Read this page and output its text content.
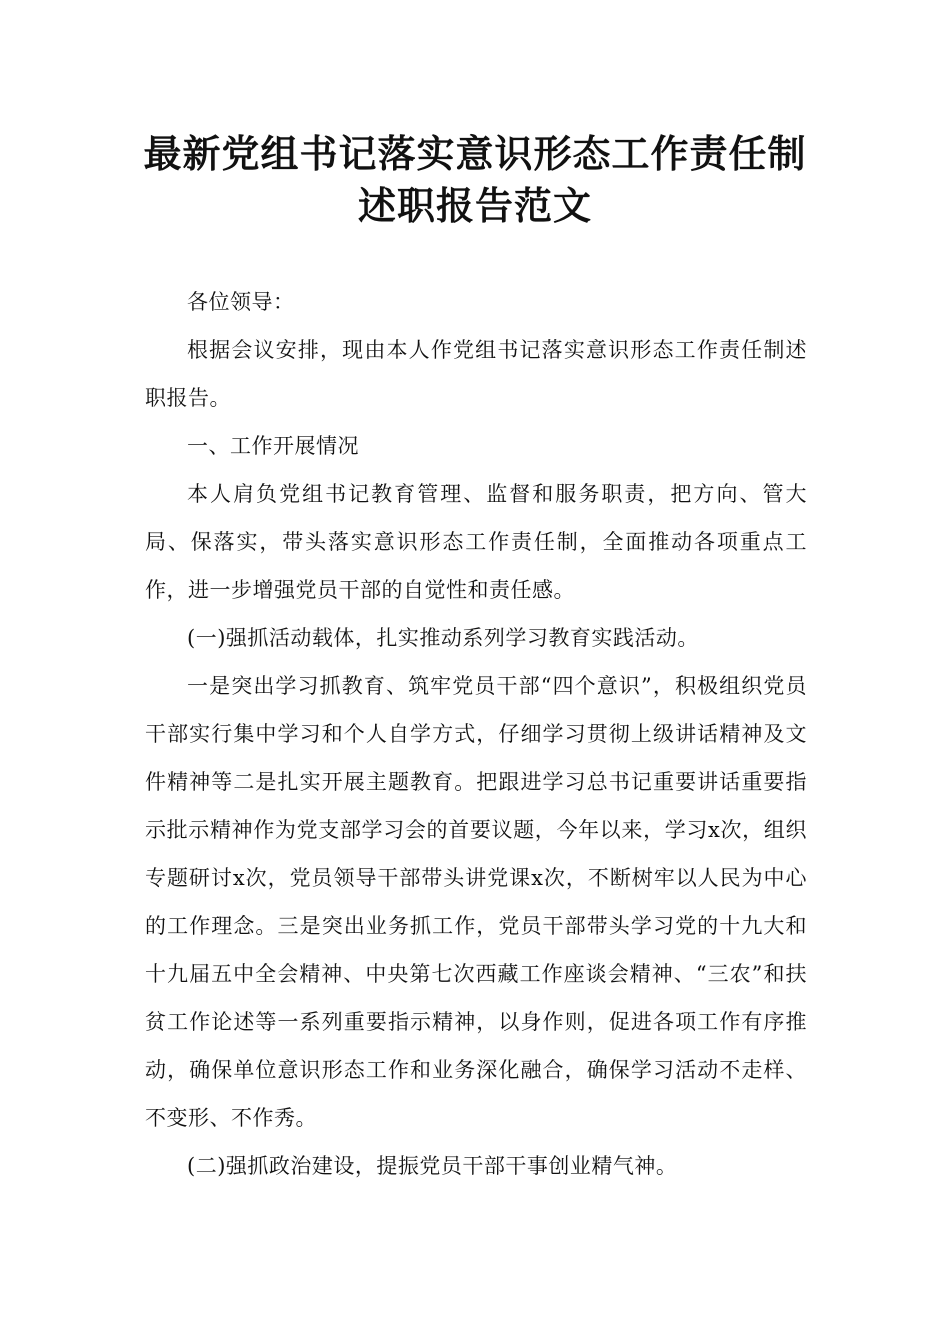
最新党组书记落实意识形态工作责任制
述职报告范文

各位领导：

根据会议安排，现由本人作党组书记落实意识形态工作责任制述职报告。

一、工作开展情况

本人肩负党组书记教育管理、监督和服务职责，把方向、管大局、保落实，带头落实意识形态工作责任制，全面推动各项重点工作，进一步增强党员干部的自觉性和责任感。

(一)强抓活动载体，扎实推动系列学习教育实践活动。

一是突出学习抓教育、筑牢党员干部“四个意识”，积极组织党员干部实行集中学习和个人自学方式，仔细学习贯彻上级讲话精神及文件精神等二是扎实开展主题教育。把跟进学习总书记重要讲话重要指示批示精神作为党支部学习会的首要议题，今年以来，学习x次，组织专题研讨x次，党员领导干部带头讲党课x次，不断树牢以人民为中心的工作理念。三是突出业务抓工作，党员干部带头学习党的十九大和十九届五中全会精神、中央第七次西藏工作座谈会精神、“三农”和扶贫工作论述等一系列重要指示精神，以身作则，促进各项工作有序推动，确保单位意识形态工作和业务深化融合，确保学习活动不走样、不变形、不作秀。

(二)强抓政治建设，提振党员干部干事创业精气神。
